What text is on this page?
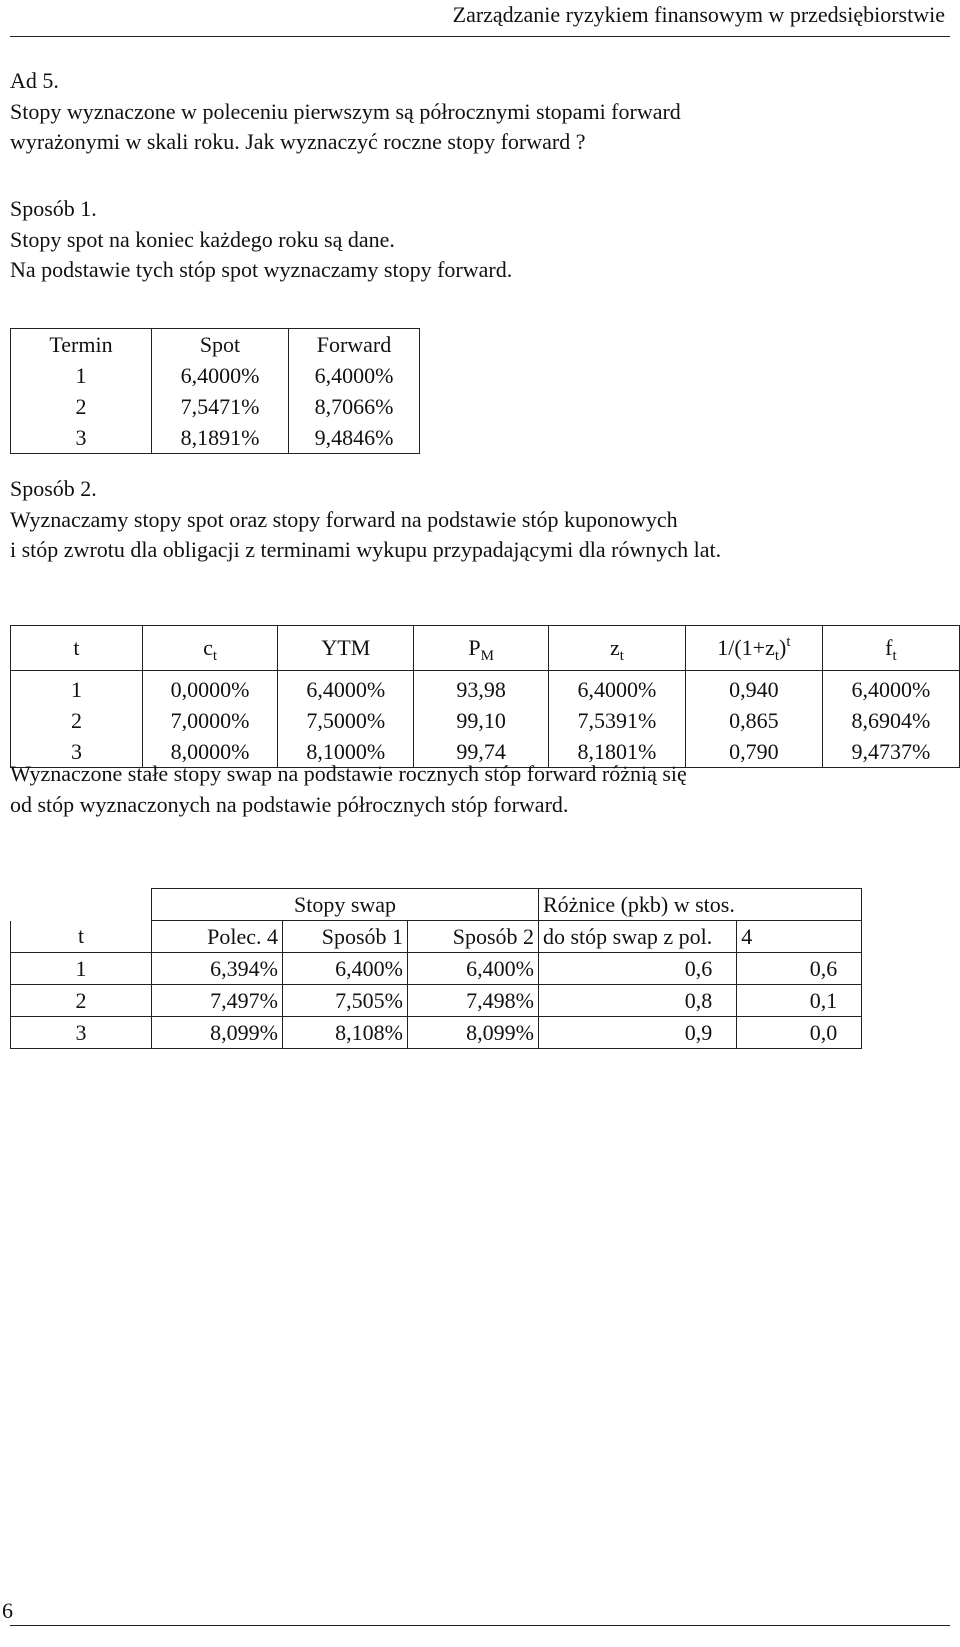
Zarządzanie ryzykiem finansowym w przedsiębiorstwie
Ad 5.
Stopy wyznaczone w poleceniu pierwszym są półrocznymi stopami forward
wyrażonymi w skali roku. Jak wyznaczyć roczne stopy forward ?
Sposób 1.
Stopy spot na koniec każdego roku są dane.
Na podstawie tych stóp spot wyznaczamy stopy forward.
Termin	Spot	Forward
1	6,4000%	6,4000%
2	7,5471%	8,7066%
3	8,1891%	9,4846%
Sposób 2.
Wyznaczamy stopy spot oraz stopy forward na podstawie stóp kuponowych
i stóp zwrotu dla obligacji z terminami wykupu przypadającymi dla równych lat.
t	$c_t$	YTM	$P_M$	$z_t$	$1/(1+z_t)^t$	$f_t$
1	0,0000%	6,4000%	93,98	6,4000%	0,940	6,4000%
2	7,0000%	7,5000%	99,10	7,5391%	0,865	8,6904%
3	8,0000%	8,1000%	99,74	8,1801%	0,790	9,4737%
Wyznaczone stałe stopy swap na podstawie rocznych stóp forward różnią się
od stóp wyznaczonych na podstawie półrocznych stóp forward.
	Stopy swap			Różnice (pkb) w stos.	
t	Polec. 4	Sposób 1	Sposób 2	do stóp swap z pol.	4
1	6,394%	6,400%	6,400%	0,6	0,6
2	7,497%	7,505%	7,498%	0,8	0,1
3	8,099%	8,108%	8,099%	0,9	0,0
6
